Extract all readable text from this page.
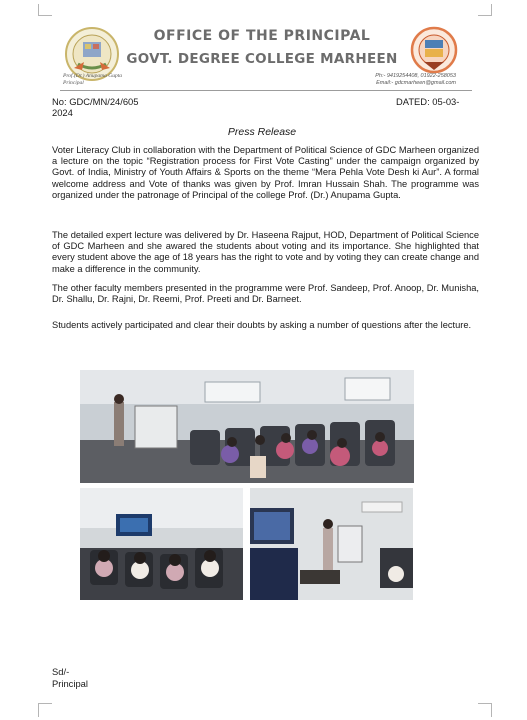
OFFICE OF THE PRINCIPAL
GOVT. DEGREE COLLEGE MARHEEN
Prof.(Dr.) Anupama Gupta
Principal
Ph:- 9419254408, 01922-258053
Email:- gdcmarheen@gmail.com
No: GDC/MN/24/605
2024
DATED: 05-03-
Press Release

Voter Literacy Club in collaboration with the Department of Political Science of GDC Marheen organized a lecture on the topic “Registration process for First Vote Casting” under the campaign organized by Govt. of India, Ministry of Youth Affairs & Sports on the theme “Mera Pehla Vote Desh ki Aur”. A formal welcome address and Vote of thanks was given by Prof. Imran Hussain Shah. The programme was organized under the patronage of Principal of the college Prof. (Dr.) Anupama Gupta.

The detailed expert lecture was delivered by Dr. Haseena Rajput, HOD, Department of Political Science of GDC Marheen and she awared the students about voting and its importance. She highlighted that every student above the age of 18 years has the right to vote and by voting they can create change and make a difference in the community.

The other faculty members presented in the programme were Prof. Sandeep, Prof. Anoop, Dr. Munisha, Dr. Shallu, Dr. Rajni, Dr. Reemi, Prof. Preeti and Dr. Barneet.

Students actively participated and clear their doubts by asking a number of questions after the lecture.

Sd/-
Principal
